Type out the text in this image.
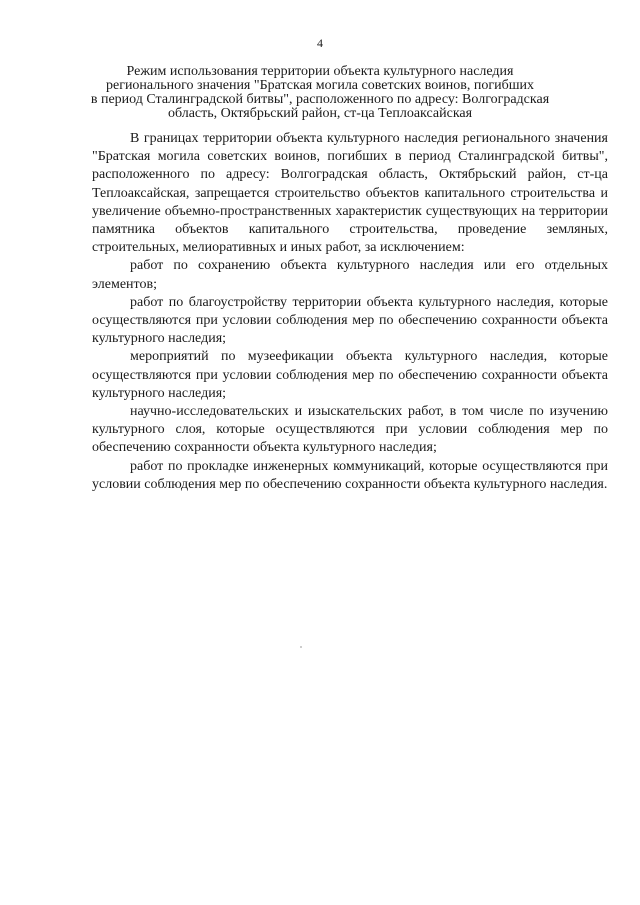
4
Режим использования территории объекта культурного наследия
регионального значения "Братская могила советских воинов, погибших
в период Сталинградской битвы", расположенного по адресу: Волгоградская
область, Октябрьский район, ст-ца Теплоаксайская

В границах территории объекта культурного наследия регионального значения "Братская могила советских воинов, погибших в период Сталинградской битвы", расположенного по адресу: Волгоградская область, Октябрьский район, ст-ца Теплоаксайская, запрещается строительство объектов капитального строительства и увеличение объемно-пространственных характеристик существующих на территории памятника объектов капитального строительства, проведение земляных, строительных, мелиоративных и иных работ, за исключением:

работ по сохранению объекта культурного наследия или его отдельных элементов;

работ по благоустройству территории объекта культурного наследия, которые осуществляются при условии соблюдения мер по обеспечению сохранности объекта культурного наследия;

мероприятий по музеефикации объекта культурного наследия, которые осуществляются при условии соблюдения мер по обеспечению сохранности объекта культурного наследия;

научно-исследовательских и изыскательских работ, в том числе по изучению культурного слоя, которые осуществляются при условии соблюдения мер по обеспечению сохранности объекта культурного наследия;

работ по прокладке инженерных коммуникаций, которые осуществляются при условии соблюдения мер по обеспечению сохранности объекта культурного наследия.
